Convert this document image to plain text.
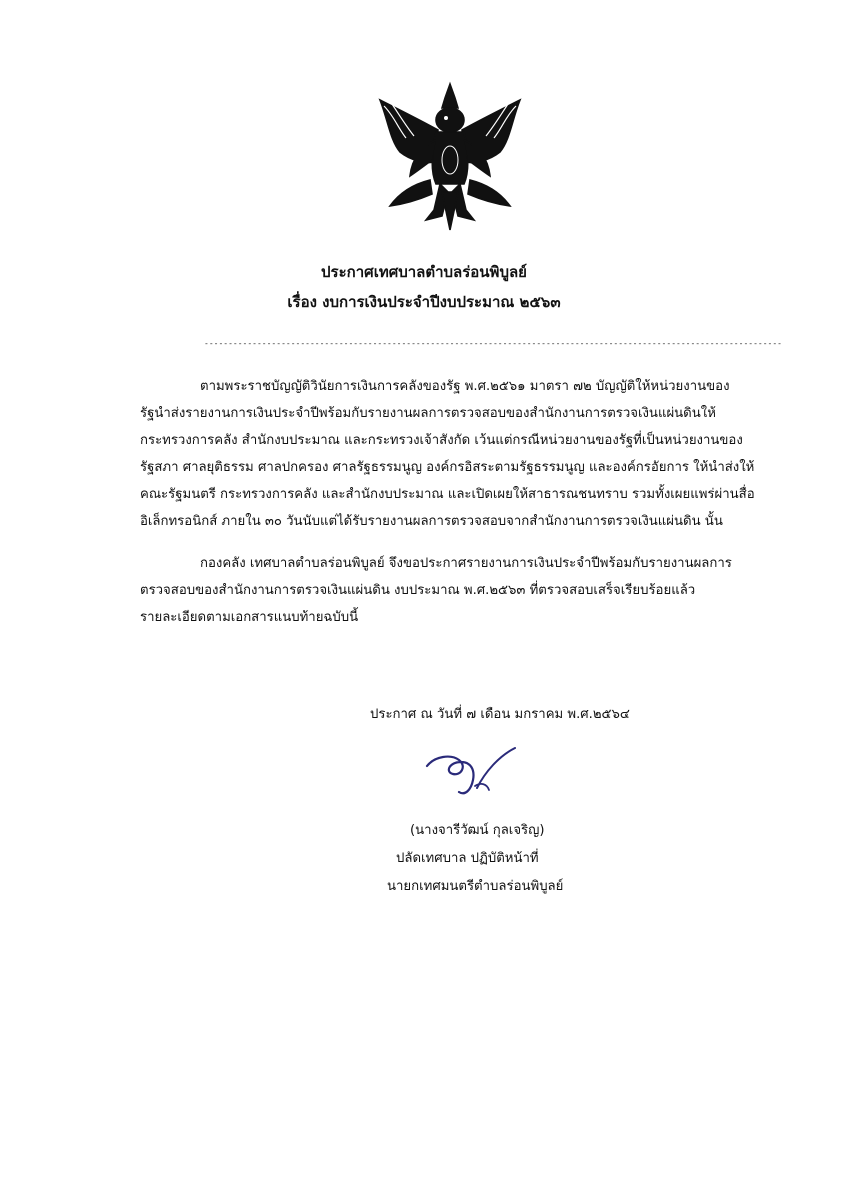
ประกาศเทศบาลตำบลร่อนพิบูลย์
เรื่อง งบการเงินประจำปีงบประมาณ ๒๕๖๓
------------------------------------------------------------------------------------------------------------------------
ตามพระราชบัญญัติวินัยการเงินการคลังของรัฐ พ.ศ.๒๕๖๑ มาตรา ๗๒ บัญญัติให้หน่วยงานของ
รัฐนำส่งรายงานการเงินประจำปีพร้อมกับรายงานผลการตรวจสอบของสำนักงานการตรวจเงินแผ่นดินให้
กระทรวงการคลัง สำนักงบประมาณ และกระทรวงเจ้าสังกัด เว้นแต่กรณีหน่วยงานของรัฐที่เป็นหน่วยงานของ
รัฐสภา ศาลยุติธรรม ศาลปกครอง ศาลรัฐธรรมนูญ องค์กรอิสระตามรัฐธรรมนูญ และองค์กรอัยการ ให้นำส่งให้
คณะรัฐมนตรี กระทรวงการคลัง และสำนักงบประมาณ และเปิดเผยให้สาธารณชนทราบ รวมทั้งเผยแพร่ผ่านสื่อ
อิเล็กทรอนิกส์ ภายใน ๓๐ วันนับแต่ได้รับรายงานผลการตรวจสอบจากสำนักงานการตรวจเงินแผ่นดิน นั้น
กองคลัง เทศบาลตำบลร่อนพิบูลย์ จึงขอประกาศรายงานการเงินประจำปีพร้อมกับรายงานผลการ
ตรวจสอบของสำนักงานการตรวจเงินแผ่นดิน งบประมาณ พ.ศ.๒๕๖๓ ที่ตรวจสอบเสร็จเรียบร้อยแล้ว
รายละเอียดตามเอกสารแนบท้ายฉบับนี้
ประกาศ ณ วันที่ ๗ เดือน มกราคม พ.ศ.๒๕๖๔
(นางจารีวัฒน์ กุลเจริญ)
ปลัดเทศบาล ปฏิบัติหน้าที่
นายกเทศมนตรีตำบลร่อนพิบูลย์
